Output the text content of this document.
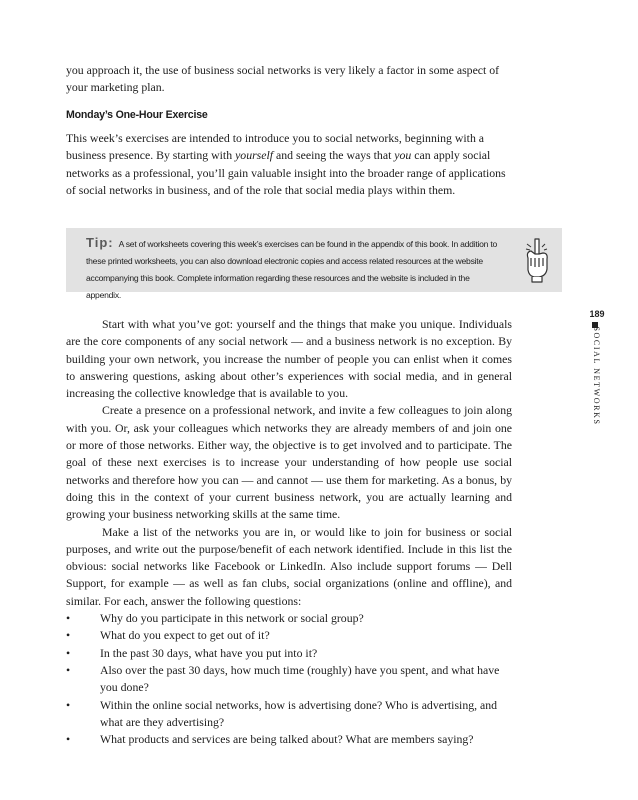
you approach it, the use of business social networks is very likely a factor in some aspect of your marketing plan.

Monday’s One-Hour Exercise

This week’s exercises are intended to introduce you to social networks, beginning with a business presence. By starting with yourself and seeing the ways that you can apply social networks as a professional, you’ll gain valuable insight into the broader range of applications of social networks in business, and of the role that social media plays within them.

Tip: A set of worksheets covering this week’s exercises can be found in the appendix of this book. In addition to these printed worksheets, you can also download electronic copies and access related resources at the website accompanying this book. Complete information regarding these resources and the website is included in the appendix.

189
SOCIAL NETWORKS

Start with what you’ve got: yourself and the things that make you unique. Individuals are the core components of any social network — and a business network is no exception. By building your own network, you increase the number of people you can enlist when it comes to answering questions, asking about other’s experiences with social media, and in general increasing the collective knowledge that is available to you.

Create a presence on a professional network, and invite a few colleagues to join along with you. Or, ask your colleagues which networks they are already members of and join one or more of those networks. Either way, the objective is to get involved and to participate. The goal of these next exercises is to increase your understanding of how people use social networks and therefore how you can — and cannot — use them for marketing. As a bonus, by doing this in the context of your current business network, you are actually learning and growing your business networking skills at the same time.

Make a list of the networks you are in, or would like to join for business or social purposes, and write out the purpose/benefit of each network identified. Include in this list the obvious: social networks like Facebook or LinkedIn. Also include support forums — Dell Support, for example — as well as fan clubs, social organizations (online and offline), and similar. For each, answer the following questions:

•	Why do you participate in this network or social group?
•	What do you expect to get out of it?
•	In the past 30 days, what have you put into it?
•	Also over the past 30 days, how much time (roughly) have you spent, and what have you done?
•	Within the online social networks, how is advertising done? Who is advertising, and what are they advertising?
•	What products and services are being talked about? What are members saying?
